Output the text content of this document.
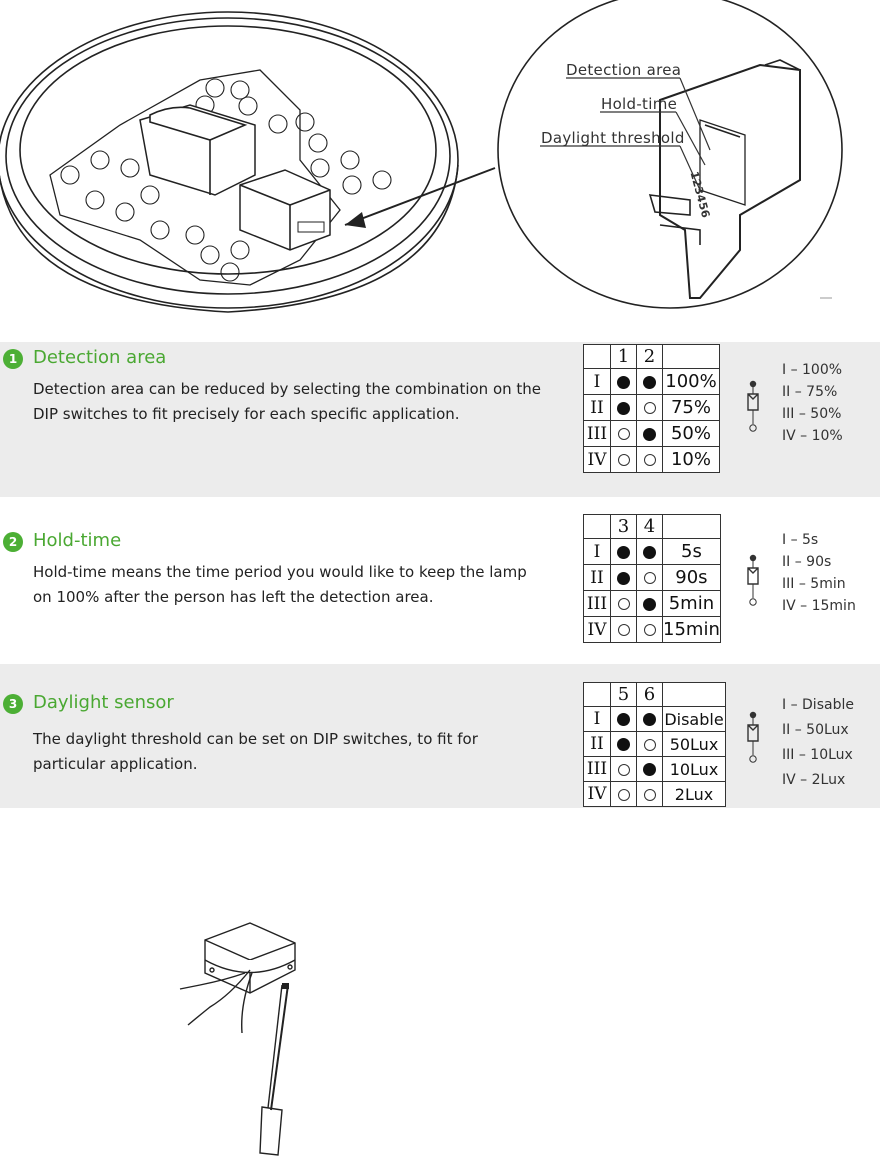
Detection area
Hold-time
Daylight threshold
123456
1 Detection area
Detection area can be reduced by selecting the combination on the
DIP switches to fit precisely for each specific application.
	1	2	
I			100%
II			75%
III			50%
IV			10%
I – 100%
II – 75%
III – 50%
IV – 10%
2 Hold-time
Hold-time means the time period you would like to keep the lamp
on 100% after the person has left the detection area.
	3	4	
I			5s
II			90s
III			5min
IV			15min
I – 5s
II – 90s
III – 5min
IV – 15min
3 Daylight sensor
The daylight threshold can be set on DIP switches, to fit for
particular application.
	5	6	
I			Disable
II			50Lux
III			10Lux
IV			2Lux
I – Disable
II – 50Lux
III – 10Lux
IV – 2Lux
